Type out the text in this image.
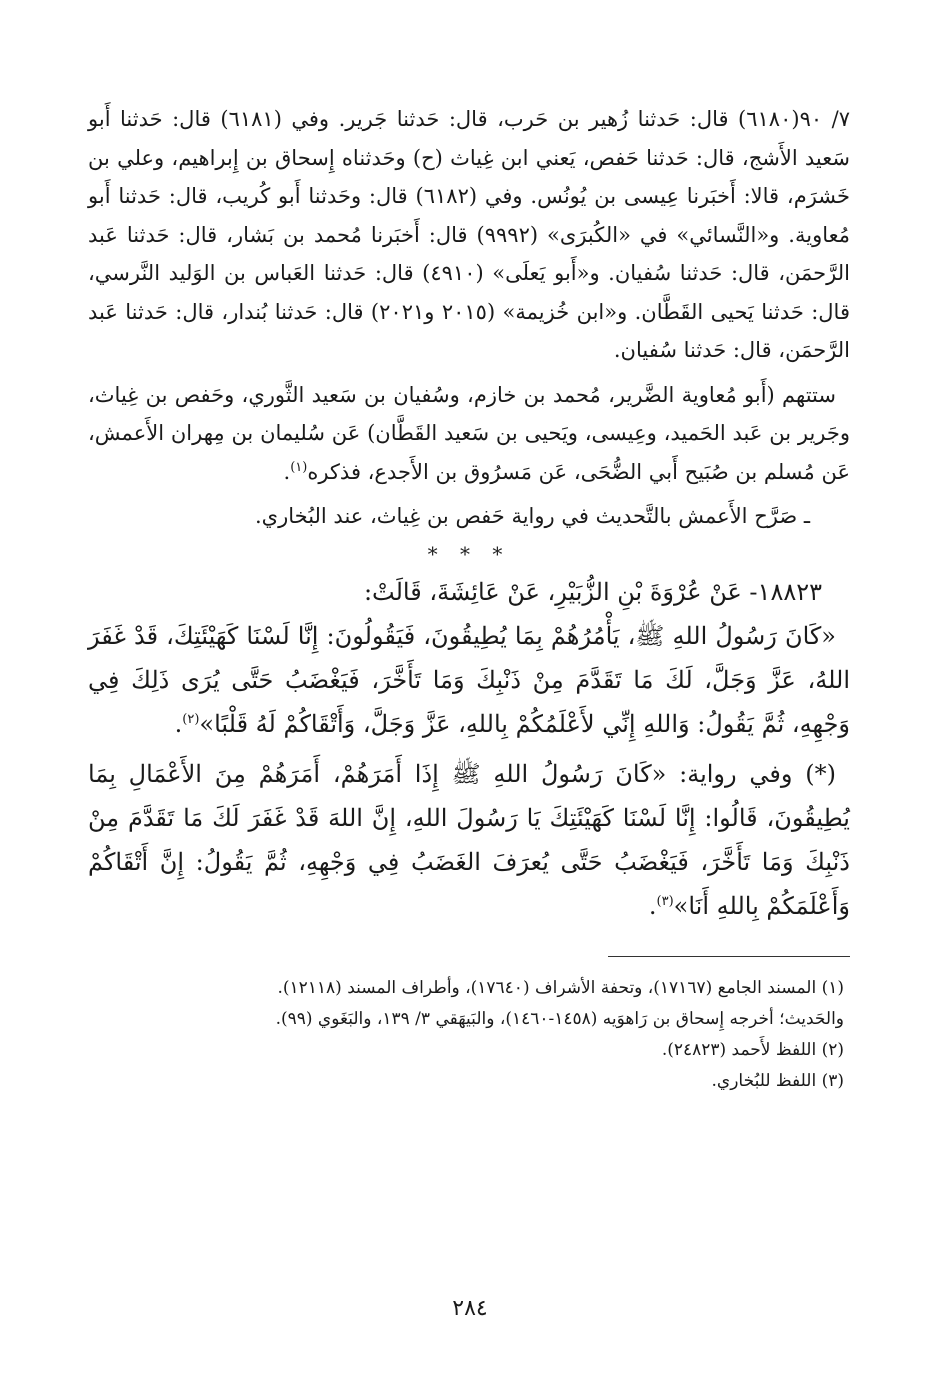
٧/ ٩٠(٦١٨٠) قال: حَدثنا زُهير بن حَرب، قال: حَدثنا جَرير. وفي (٦١٨١) قال: حَدثنا أَبو سَعيد الأَشج، قال: حَدثنا حَفص، يَعني ابن غِياث (ح) وحَدثناه إِسحاق بن إِبراهيم، وعلي بن خَشرَم، قالا: أَخبَرنا عِيسى بن يُونُس. وفي (٦١٨٢) قال: وحَدثنا أَبو كُريب، قال: حَدثنا أَبو مُعاوية. و«النَّسائي» في «الكُبرَى» (٩٩٩٢) قال: أَخبَرنا مُحمد بن بَشار، قال: حَدثنا عَبد الرَّحمَن، قال: حَدثنا سُفيان. و«أَبو يَعلَى» (٤٩١٠) قال: حَدثنا العَباس بن الوَليد النَّرسي، قال: حَدثنا يَحيى القَطَّان. و«ابن خُزيمة» (٢٠١٥ و٢٠٢١) قال: حَدثنا بُندار، قال: حَدثنا عَبد الرَّحمَن، قال: حَدثنا سُفيان.

ستتهم (أَبو مُعاوية الضَّرير، مُحمد بن خازم، وسُفيان بن سَعيد الثَّوري، وحَفص بن غِياث، وجَرير بن عَبد الحَميد، وعِيسى، ويَحيى بن سَعيد القَطَّان) عَن سُليمان بن مِهران الأَعمش، عَن مُسلم بن صُبَيح أَبي الضُّحَى، عَن مَسرُوق بن الأَجدع، فذكره$^{(١)}$.

ـ صَرَّح الأَعمش بالتَّحديث في رواية حَفص بن غِياث، عند البُخاري.

* * *

١٨٨٢٣- عَنْ عُرْوَةَ بْنِ الزُّبَيْرِ، عَنْ عَائِشَةَ، قَالَتْ:

«كَانَ رَسُولُ اللهِ ﷺ، يَأْمُرُهُمْ بِمَا يُطِيقُونَ، فَيَقُولُونَ: إِنَّا لَسْنَا كَهَيْئَتِكَ، قَدْ غَفَرَ اللهُ، عَزَّ وَجَلَّ، لَكَ مَا تَقَدَّمَ مِنْ ذَنْبِكَ وَمَا تَأَخَّرَ، فَيَغْضَبُ حَتَّى يُرَى ذَلِكَ فِي وَجْهِهِ، ثُمَّ يَقُولُ: وَاللهِ إِنِّي لأَعْلَمُكُمْ بِاللهِ، عَزَّ وَجَلَّ، وَأَتْقَاكُمْ لَهُ قَلْبًا»$^{(٢)}$.

(*) وفي رواية: «كَانَ رَسُولُ اللهِ ﷺ إِذَا أَمَرَهُمْ، أَمَرَهُمْ مِنَ الأَعْمَالِ بِمَا يُطِيقُونَ، قَالُوا: إِنَّا لَسْنَا كَهَيْئَتِكَ يَا رَسُولَ اللهِ، إِنَّ اللهَ قَدْ غَفَرَ لَكَ مَا تَقَدَّمَ مِنْ ذَنْبِكَ وَمَا تَأَخَّرَ، فَيَغْضَبُ حَتَّى يُعرَفَ الغَضَبُ فِي وَجْهِهِ، ثُمَّ يَقُولُ: إِنَّ أَتْقَاكُمْ وَأَعْلَمَكُمْ بِاللهِ أَنَا»$^{(٣)}$.

(١) المسند الجامع (١٧١٦٧)، وتحفة الأشراف (١٧٦٤٠)، وأطراف المسند (١٢١١٨).

والحَديث؛ أخرجه إِسحاق بن رَاهوَيه (١٤٥٨-١٤٦٠)، والبَيهَقي ٣/ ١٣٩، والبَغَوي (٩٩).

(٢) اللفظ لأَحمد (٢٤٨٢٣).

(٣) اللفظ للبُخاري.

٢٨٤
